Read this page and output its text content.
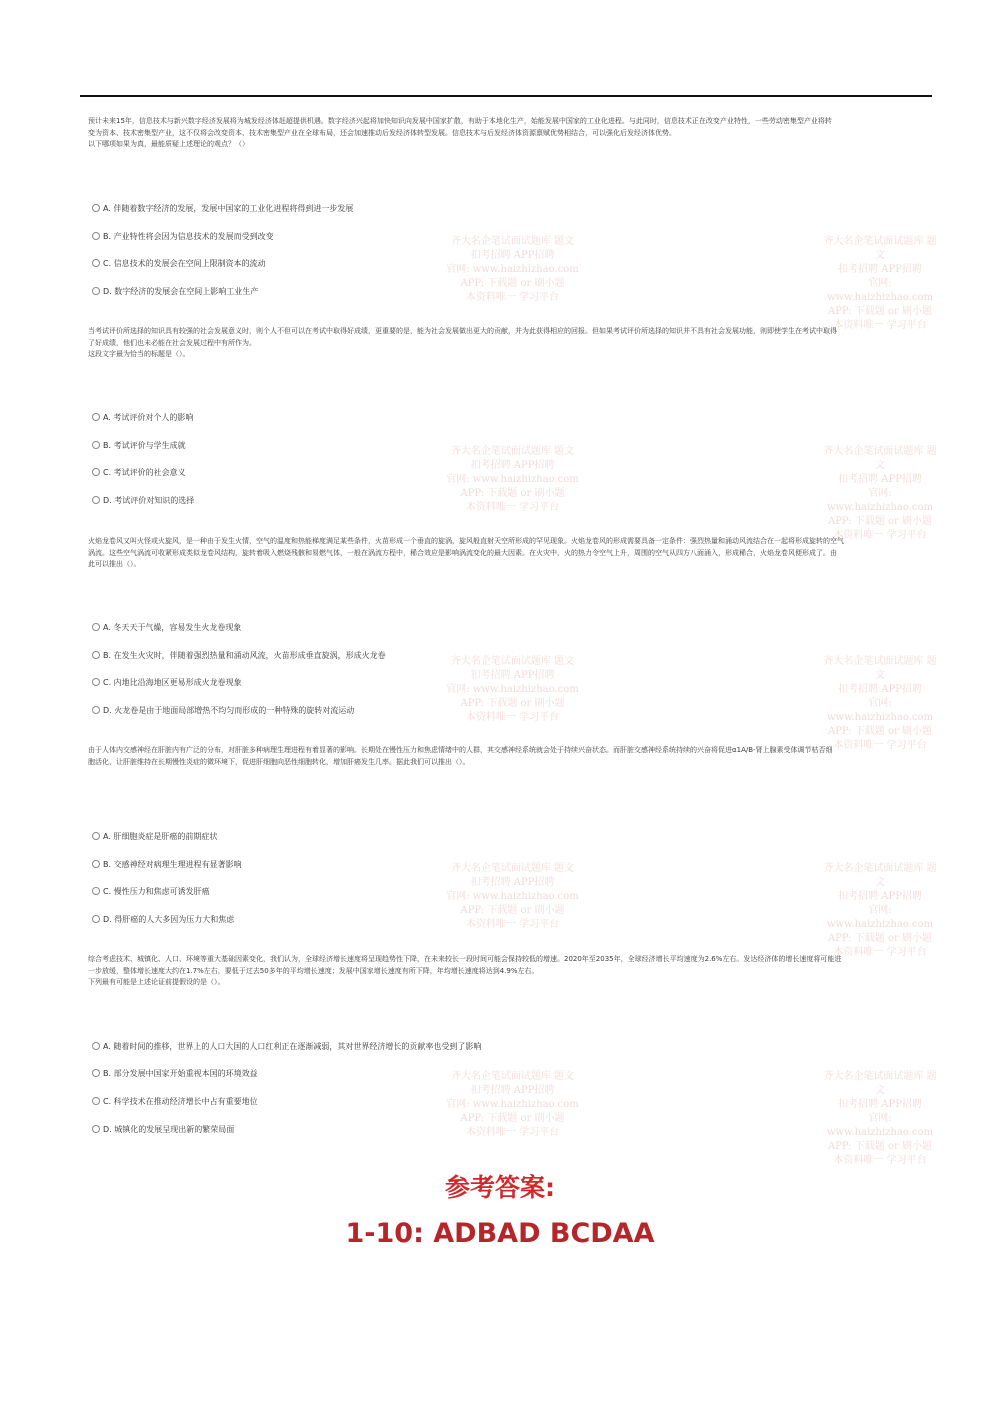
齐大名企笔试面试题库 题文
扣考招聘 APP招聘
官网: www.haizhizhao.com
APP: 下载题 or 刷小题
本资料唯一 学习平台
齐大名企笔试面试题库 题文
扣考招聘 APP招聘
官网: www.haizhizhao.com
APP: 下载题 or 刷小题
本资料唯一 学习平台
齐大名企笔试面试题库 题文
扣考招聘 APP招聘
官网: www.haizhizhao.com
APP: 下载题 or 刷小题
本资料唯一 学习平台
齐大名企笔试面试题库 题文
扣考招聘 APP招聘
官网: www.haizhizhao.com
APP: 下载题 or 刷小题
本资料唯一 学习平台
齐大名企笔试面试题库 题文
扣考招聘 APP招聘
官网: www.haizhizhao.com
APP: 下载题 or 刷小题
本资料唯一 学习平台
齐大名企笔试面试题库 题文
扣考招聘 APP招聘
官网: www.haizhizhao.com
APP: 下载题 or 刷小题
本资料唯一 学习平台
齐大名企笔试面试题库 题文
扣考招聘 APP招聘
官网: www.haizhizhao.com
APP: 下载题 or 刷小题
本资料唯一 学习平台
齐大名企笔试面试题库 题文
扣考招聘 APP招聘
官网: www.haizhizhao.com
APP: 下载题 or 刷小题
本资料唯一 学习平台
齐大名企笔试面试题库 题文
扣考招聘 APP招聘
官网: www.haizhizhao.com
APP: 下载题 or 刷小题
本资料唯一 学习平台
齐大名企笔试面试题库 题文
扣考招聘 APP招聘
官网: www.haizhizhao.com
APP: 下载题 or 刷小题
本资料唯一 学习平台

预计未来15年，信息技术与新兴数字经济发展将为城发经济体赶超提供机遇。数字经济兴起将加快知识向发展中国家扩散，有助于本地化生产，始能发展中国家的工业化进程。与此同时，信息技术正在改变产业特性，一些劳动密集型产业将转

变为资本、技术密集型产业，这不仅将会改变资本、技术密集型产业在全球布局，还会加速推动后发经济体转型发展。信息技术与后发经济体资源禀赋优势相结合，可以强化后发经济体优势。

以下哪项如果为真，最能质疑上述理论的观点？（）

A. 伴随着数字经济的发展，发展中国家的工业化进程将得到进一步发展
B. 产业特性将会因为信息技术的发展而受到改变
C. 信息技术的发展会在空间上限制资本的流动
D. 数字经济的发展会在空间上影响工业生产

当考试评价所选择的知识具有较强的社会发展意义时，则个人不但可以在考试中取得好成绩，更重要的是，能为社会发展做出更大的贡献，并为此获得相应的回报。但如果考试评价所选择的知识并不具有社会发展功能，则即使学生在考试中取得

了好成绩，他们也未必能在社会发展过程中有所作为。

这段文字最为恰当的标题是（）。

A. 考试评价对个人的影响
B. 考试评价与学生成就
C. 考试评价的社会意义
D. 考试评价对知识的选择

火焰龙卷风又叫火怪或火旋风，是一种由于发生火情，空气的温度和热能梯度满足某些条件，火苗形成一个垂直的旋涡，旋风般直射天空所形成的罕见现象。火焰龙卷风的形成需要具备一定条件：强烈热量和涌动风流结合在一起将形成旋转的空气

涡流。这些空气涡流可收紧形成类似龙卷风结构，旋转着吸入燃烧残骸和易燃气体，一般在涡流方程中，稀合效应是影响涡流变化的最大因素。在火灾中，火的热力令空气上升，周围的空气从四方八面涌入，形成稀合，火焰龙卷风便形成了。由

此可以推出（）。

A. 冬天天干气燥，容易发生火龙卷现象
B. 在发生火灾时，伴随着强烈热量和涌动风流，火苗形成垂直旋涡，形成火龙卷
C. 内地比沿海地区更易形成火龙卷现象
D. 火龙卷是由于地面局部增热不均匀而形成的一种特殊的旋转对流运动

由于人体内交感神经在肝脏内有广泛的分布，对肝脏多种病理生理进程有着显著的影响。长期处在慢性压力和焦虑情绪中的人群，其交感神经系统就会处于持续兴奋状态。而肝脏交感神经系统持续的兴奋将促进α1A/B-肾上腺素受体调节枯否细

胞活化，让肝脏维持在长期慢性炎症的微环境下，促进肝细胞向恶性细胞转化，增加肝癌发生几率。据此我们可以推出（）。

A. 肝细胞炎症是肝癌的前期症状
B. 交感神经对病理生理进程有显著影响
C. 慢性压力和焦虑可诱发肝癌
D. 得肝癌的人大多因为压力大和焦虑

综合考虑技术、城镇化、人口、环境等重大基础因素变化，我们认为，全球经济增长速度将呈现趋势性下降，在未来较长一段时间可能会保持较低的增速。2020年至2035年，全球经济增长平均速度为2.6%左右。发达经济体的增长速度将可能进

一步放缓，整体增长速度大约在1.7%左右，要低于过去50多年的平均增长速度；发展中国家增长速度有所下降，年均增长速度将达到4.9%左右。

下列最有可能是上述论证前提假设的是（）。

A. 随着时间的推移，世界上的人口大国的人口红利正在逐渐减弱，其对世界经济增长的贡献率也受到了影响
B. 部分发展中国家开始重视本国的环境效益
C. 科学技术在推动经济增长中占有重要地位
D. 城镇化的发展呈现出新的繁荣局面
参考答案:
1-10: ADBAD BCDAA
